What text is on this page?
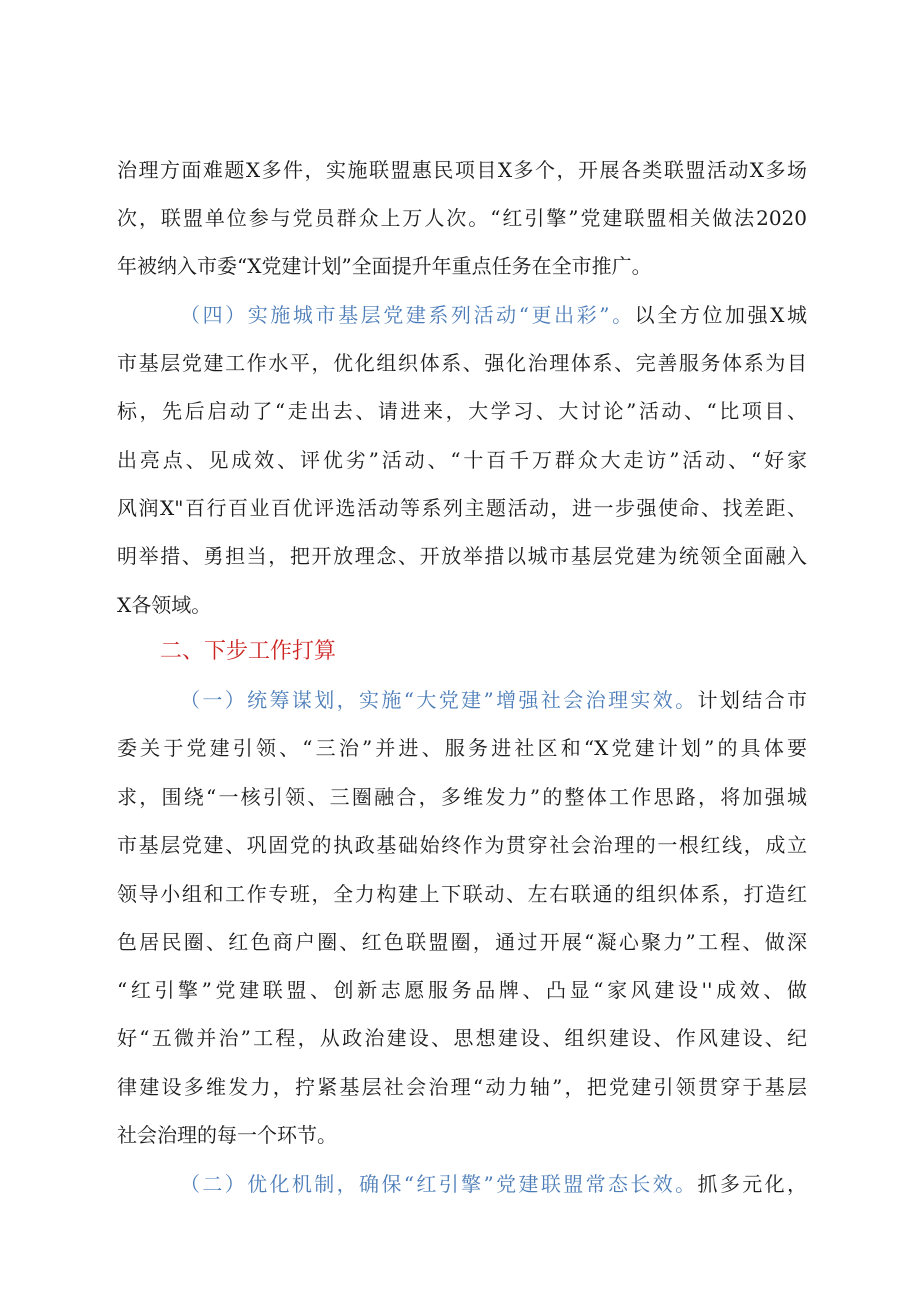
治理方面难题X多件，实施联盟惠民项目X多个，开展各类联盟活动X多场
次，联盟单位参与党员群众上万人次。“红引擎”党建联盟相关做法2020
年被纳入市委“X党建计划”全面提升年重点任务在全市推广。
（四）实施城市基层党建系列活动“更出彩”。以全方位加强X城
市基层党建工作水平，优化组织体系、强化治理体系、完善服务体系为目
标，先后启动了“走出去、请进来，大学习、大讨论”活动、“比项目、
出亮点、见成效、评优劣”活动、“十百千万群众大走访”活动、“好家
风润X"百行百业百优评选活动等系列主题活动，进一步强使命、找差距、
明举措、勇担当，把开放理念、开放举措以城市基层党建为统领全面融入
X各领域。
二、下步工作打算
（一）统筹谋划，实施“大党建”增强社会治理实效。计划结合市
委关于党建引领、“三治”并进、服务进社区和“X党建计划”的具体要
求，围绕“一核引领、三圈融合，多维发力”的整体工作思路，将加强城
市基层党建、巩固党的执政基础始终作为贯穿社会治理的一根红线，成立
领导小组和工作专班，全力构建上下联动、左右联通的组织体系，打造红
色居民圈、红色商户圈、红色联盟圈，通过开展“凝心聚力”工程、做深
“红引擎”党建联盟、创新志愿服务品牌、凸显“家风建设''成效、做
好“五微并治”工程，从政治建设、思想建设、组织建设、作风建设、纪
律建设多维发力，拧紧基层社会治理“动力轴”，把党建引领贯穿于基层
社会治理的每一个环节。
（二）优化机制，确保“红引擎”党建联盟常态长效。抓多元化，
